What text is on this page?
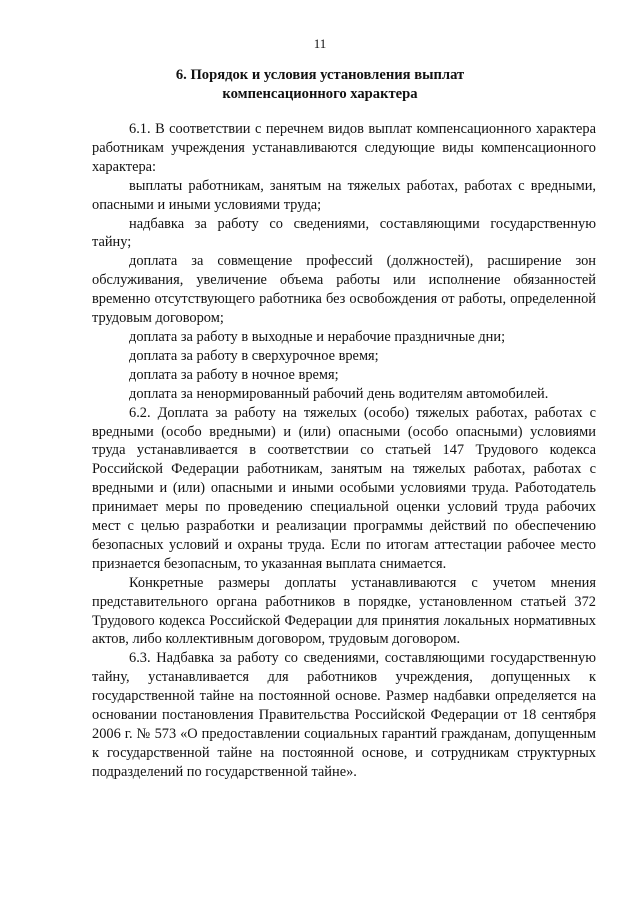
11
6. Порядок и условия установления выплат
компенсационного характера

6.1. В соответствии с перечнем видов выплат компенсационного характера работникам учреждения устанавливаются следующие виды компенсационного характера:

выплаты работникам, занятым на тяжелых работах, работах с вредными, опасными и иными условиями труда;

надбавка за работу со сведениями, составляющими государственную тайну;

доплата за совмещение профессий (должностей), расширение зон обслуживания, увеличение объема работы или исполнение обязанностей временно отсутствующего работника без освобождения от работы, определенной трудовым договором;

доплата за работу в выходные и нерабочие праздничные дни;

доплата за работу в сверхурочное время;

доплата за работу в ночное время;

доплата за ненормированный рабочий день водителям автомобилей.

6.2. Доплата за работу на тяжелых (особо) тяжелых работах, работах с вредными (особо вредными) и (или) опасными (особо опасными) условиями труда устанавливается в соответствии со статьей 147 Трудового кодекса Российской Федерации работникам, занятым на тяжелых работах, работах с вредными и (или) опасными и иными особыми условиями труда. Работодатель принимает меры по проведению специальной оценки условий труда рабочих мест с целью разработки и реализации программы действий по обеспечению безопасных условий и охраны труда. Если по итогам аттестации рабочее место признается безопасным, то указанная выплата снимается.

Конкретные размеры доплаты устанавливаются с учетом мнения представительного органа работников в порядке, установленном статьей 372 Трудового кодекса Российской Федерации для принятия локальных нормативных актов, либо коллективным договором, трудовым договором.

6.3. Надбавка за работу со сведениями, составляющими государственную тайну, устанавливается для работников учреждения, допущенных к государственной тайне на постоянной основе. Размер надбавки определяется на основании постановления Правительства Российской Федерации от 18 сентября 2006 г. № 573 «О предоставлении социальных гарантий гражданам, допущенным к государственной тайне на постоянной основе, и сотрудникам структурных подразделений по государственной тайне».
